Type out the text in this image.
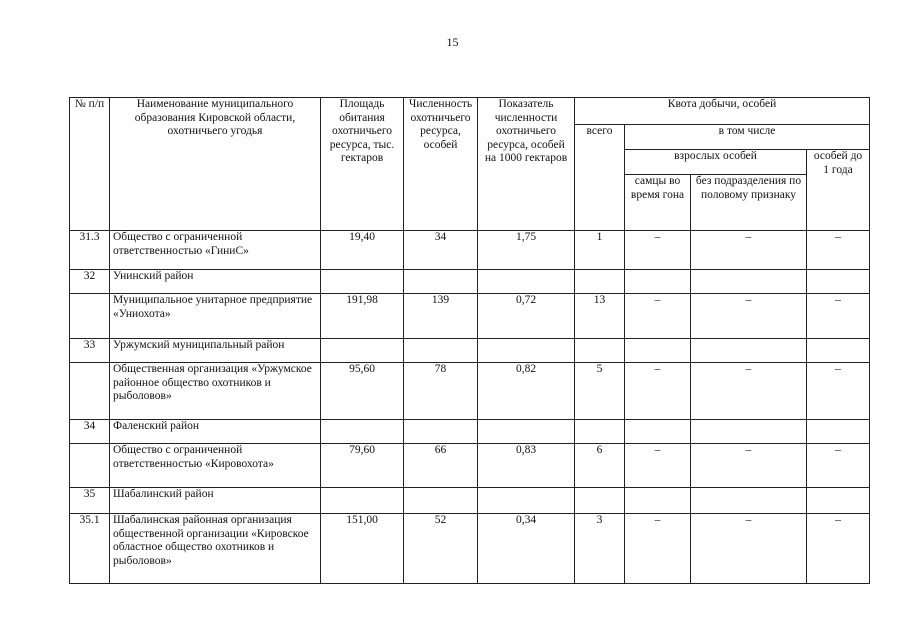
15
№ п/п	Наименование муниципального образования Кировской области, охотничьего угодья	Площадь обитания охотничьего ресурса, тыс. гектаров	Численность охотничьего ресурса, особей	Показатель численности охотничьего ресурса, особей на 1000 гектаров	Квота добычи, особей			
					всего	в том числе		
						взрослых особей		особей до 1 года
						самцы во время гона	без подразделения по половому признаку	
31.3	Общество с ограниченной ответственностью «ГиниС»	19,40	34	1,75	1	–	–	–
32	Унинский район							
	Муниципальное унитарное предприятие «Униохота»	191,98	139	0,72	13	–	–	–
33	Уржумский муниципальный район							
	Общественная организация «Уржумское районное общество охотников и рыболовов»	95,60	78	0,82	5	–	–	–
34	Фаленский район							
	Общество с ограниченной ответственностью «Кировохота»	79,60	66	0,83	6	–	–	–
35	Шабалинский район							
35.1	Шабалинская районная организация общественной организации «Кировское областное общество охотников и рыболовов»	151,00	52	0,34	3	–	–	–
